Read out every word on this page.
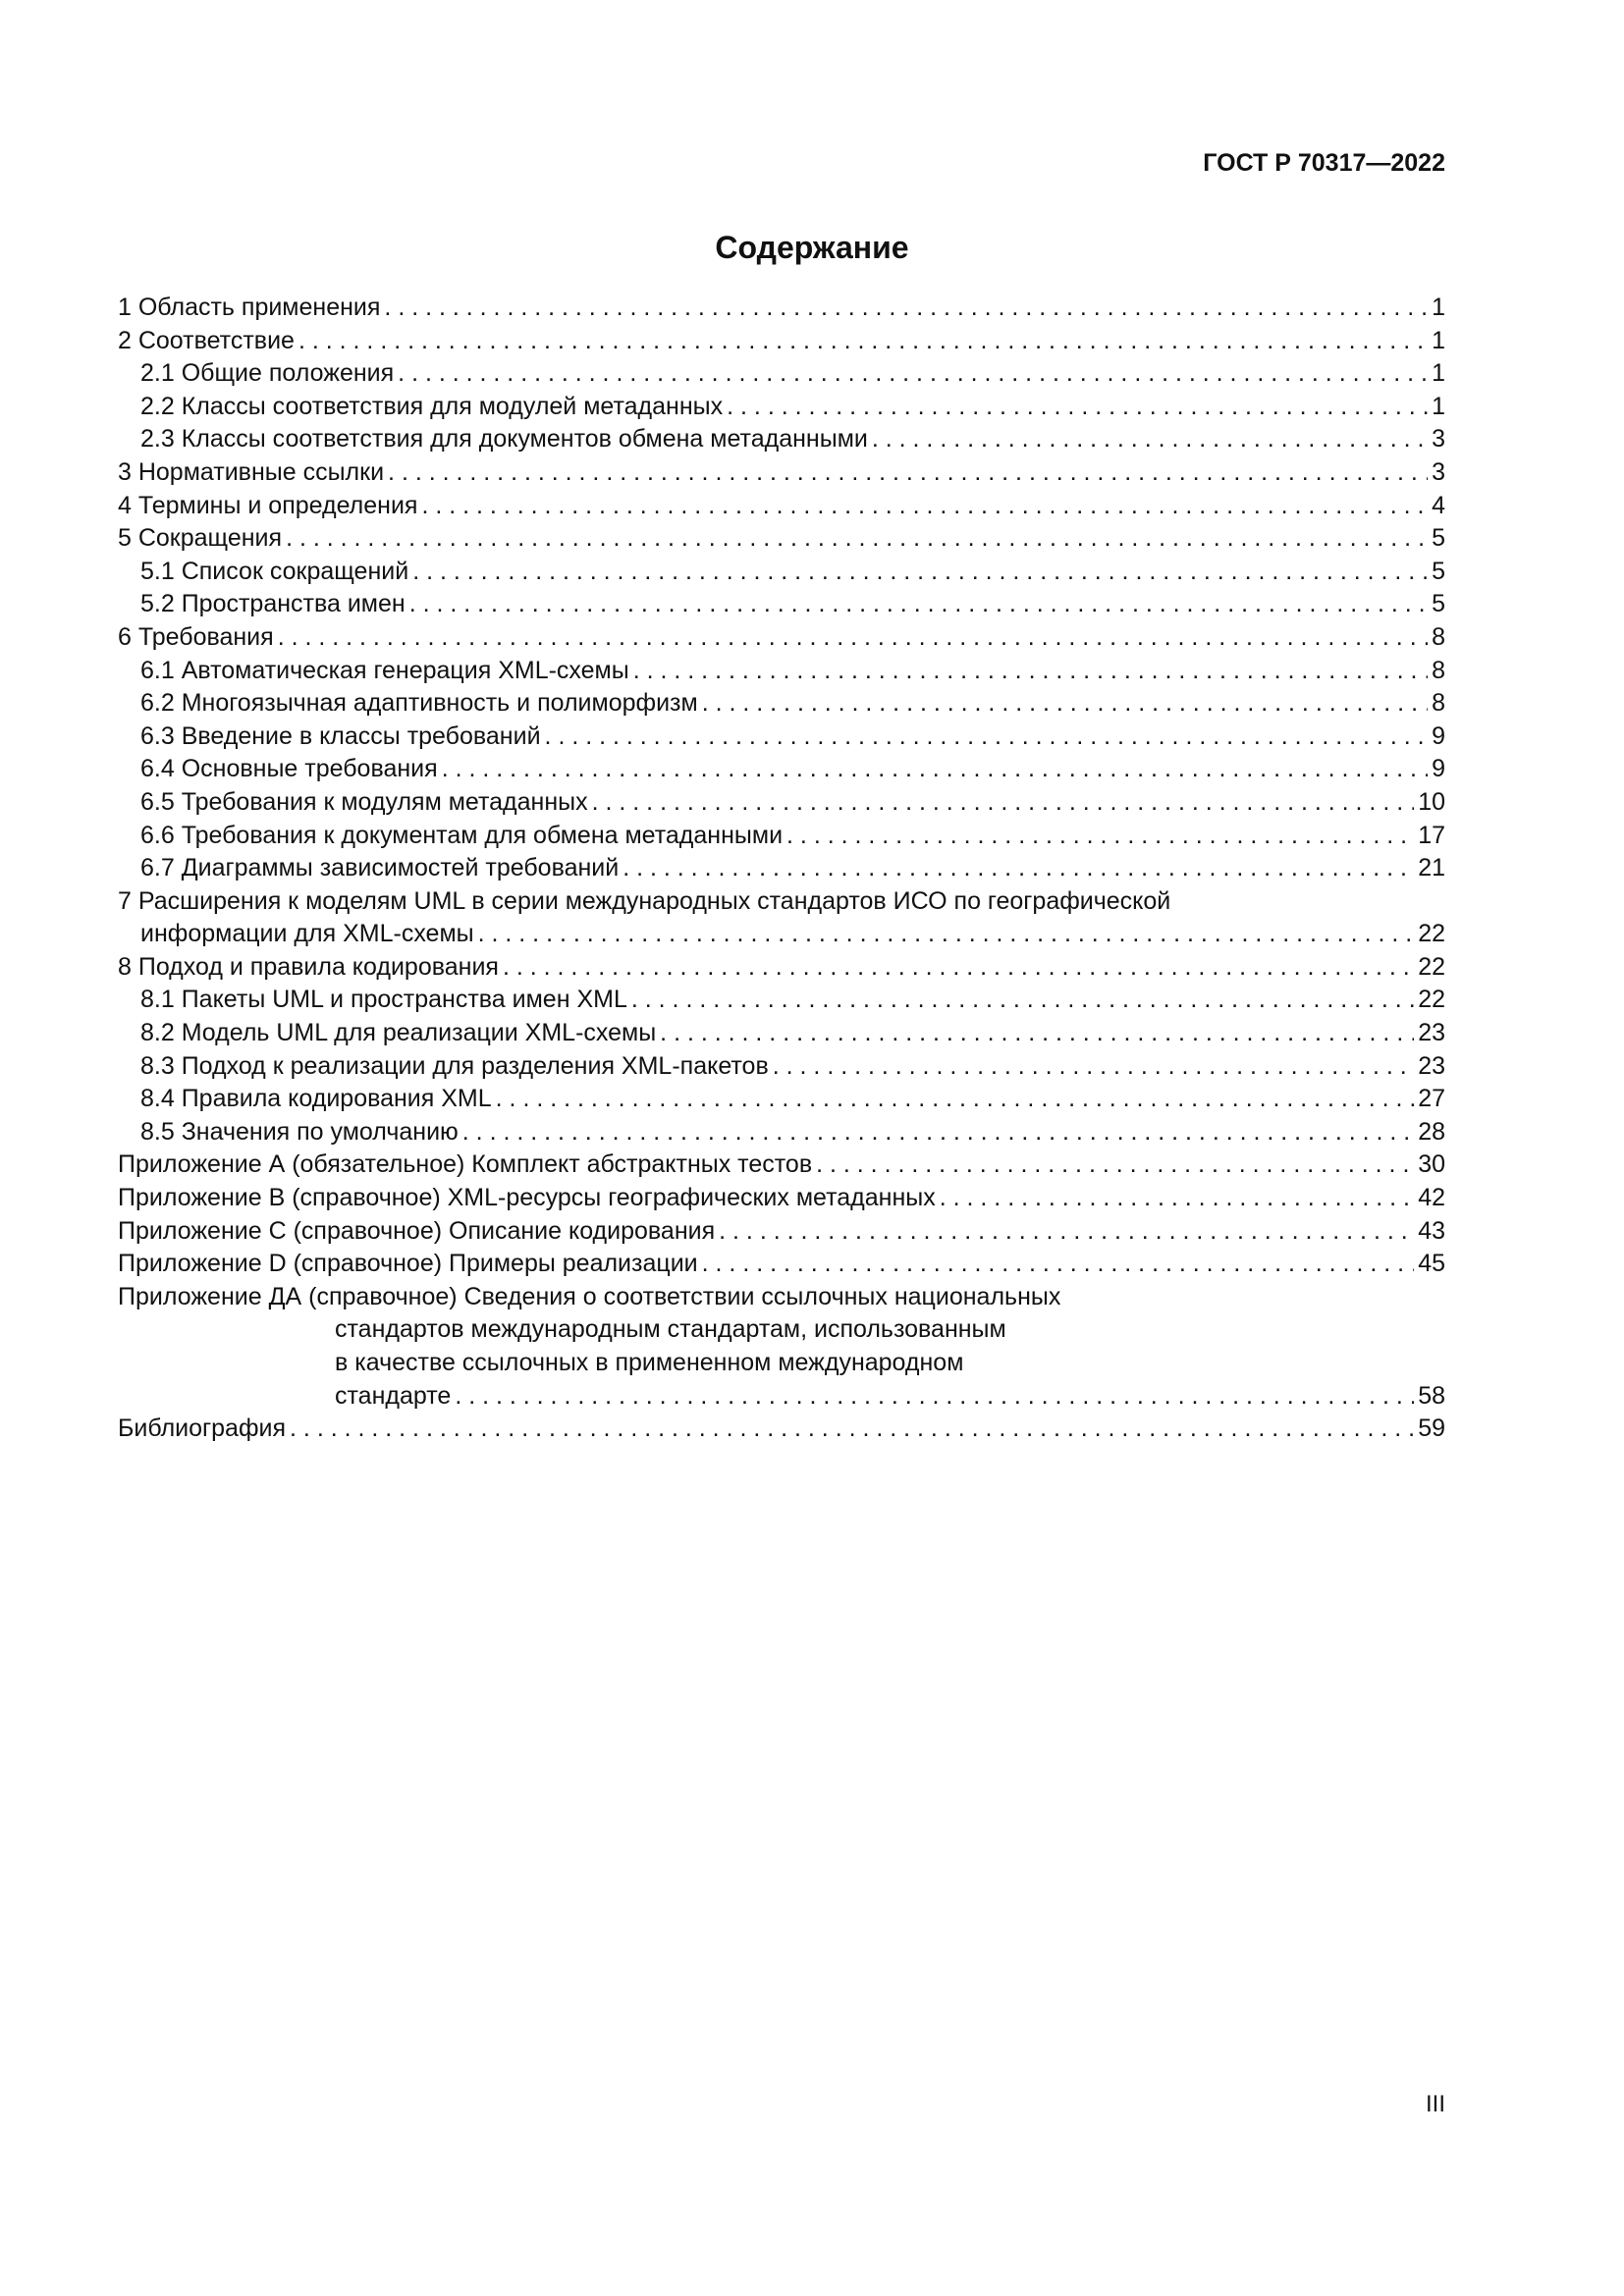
ГОСТ Р 70317—2022
Содержание
1 Область применения . . .	1
2 Соответствие . . .	1
2.1 Общие положения . . .	1
2.2 Классы соответствия для модулей метаданных . . .	1
2.3 Классы соответствия для документов обмена метаданными . . .	3
3 Нормативные ссылки . . .	3
4 Термины и определения . . .	4
5 Сокращения . . .	5
5.1 Список сокращений . . .	5
5.2 Пространства имен . . .	5
6 Требования . . .	8
6.1 Автоматическая генерация XML-схемы . . .	8
6.2 Многоязычная адаптивность и полиморфизм . . .	8
6.3 Введение в классы требований . . .	9
6.4 Основные требования . . .	9
6.5 Требования к модулям метаданных . . .	10
6.6 Требования к документам для обмена метаданными . . .	17
6.7 Диаграммы зависимостей требований . . .	21
7 Расширения к моделям UML в серии международных стандартов ИСО по географической
информации для XML-схемы . . .	22
8 Подход и правила кодирования . . .	22
8.1 Пакеты UML и пространства имен XML . . .	22
8.2 Модель UML для реализации XML-схемы . . .	23
8.3 Подход к реализации для разделения XML-пакетов . . .	23
8.4 Правила кодирования XML . . .	27
8.5 Значения по умолчанию . . .	28
Приложение А (обязательное) Комплект абстрактных тестов . . .	30
Приложение В (справочное) XML-ресурсы географических метаданных . . .	42
Приложение С (справочное) Описание кодирования . . .	43
Приложение D (справочное) Примеры реализации . . .	45
Приложение ДА (справочное) Сведения о соответствии ссылочных национальных
стандартов международным стандартам, использованным
в качестве ссылочных в примененном международном
стандарте . . .	58
Библиография . . .	59
III
